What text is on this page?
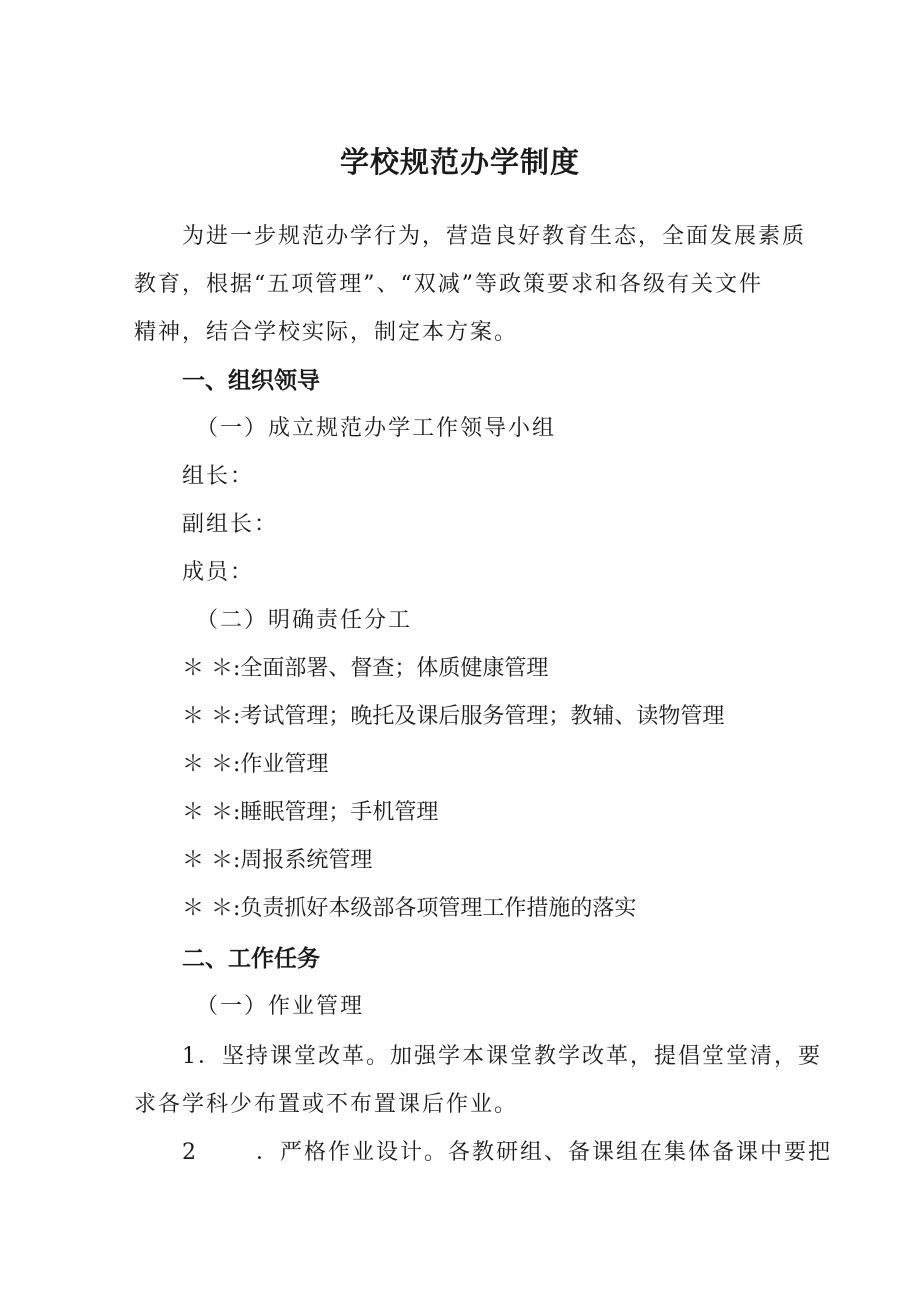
学校规范办学制度

为进一步规范办学行为，营造良好教育生态，全面发展素质

教育，根据“五项管理”、“双减”等政策要求和各级有关文件

精神，结合学校实际，制定本方案。

一、组织领导

（一）成立规范办学工作领导小组

组长：

副组长：

成员：

（二）明确责任分工

＊ ＊:全面部署、督查；体质健康管理

＊ ＊:考试管理；晚托及课后服务管理；教辅、读物管理

＊ ＊:作业管理

＊ ＊:睡眠管理；手机管理

＊ ＊:周报系统管理

＊ ＊:负责抓好本级部各项管理工作措施的落实

二、工作任务

（一）作业管理

1．坚持课堂改革。加强学本课堂教学改革，提倡堂堂清，要

求各学科少布置或不布置课后作业。

2	．严格作业设计。各教研组、备课组在集体备课中要把
